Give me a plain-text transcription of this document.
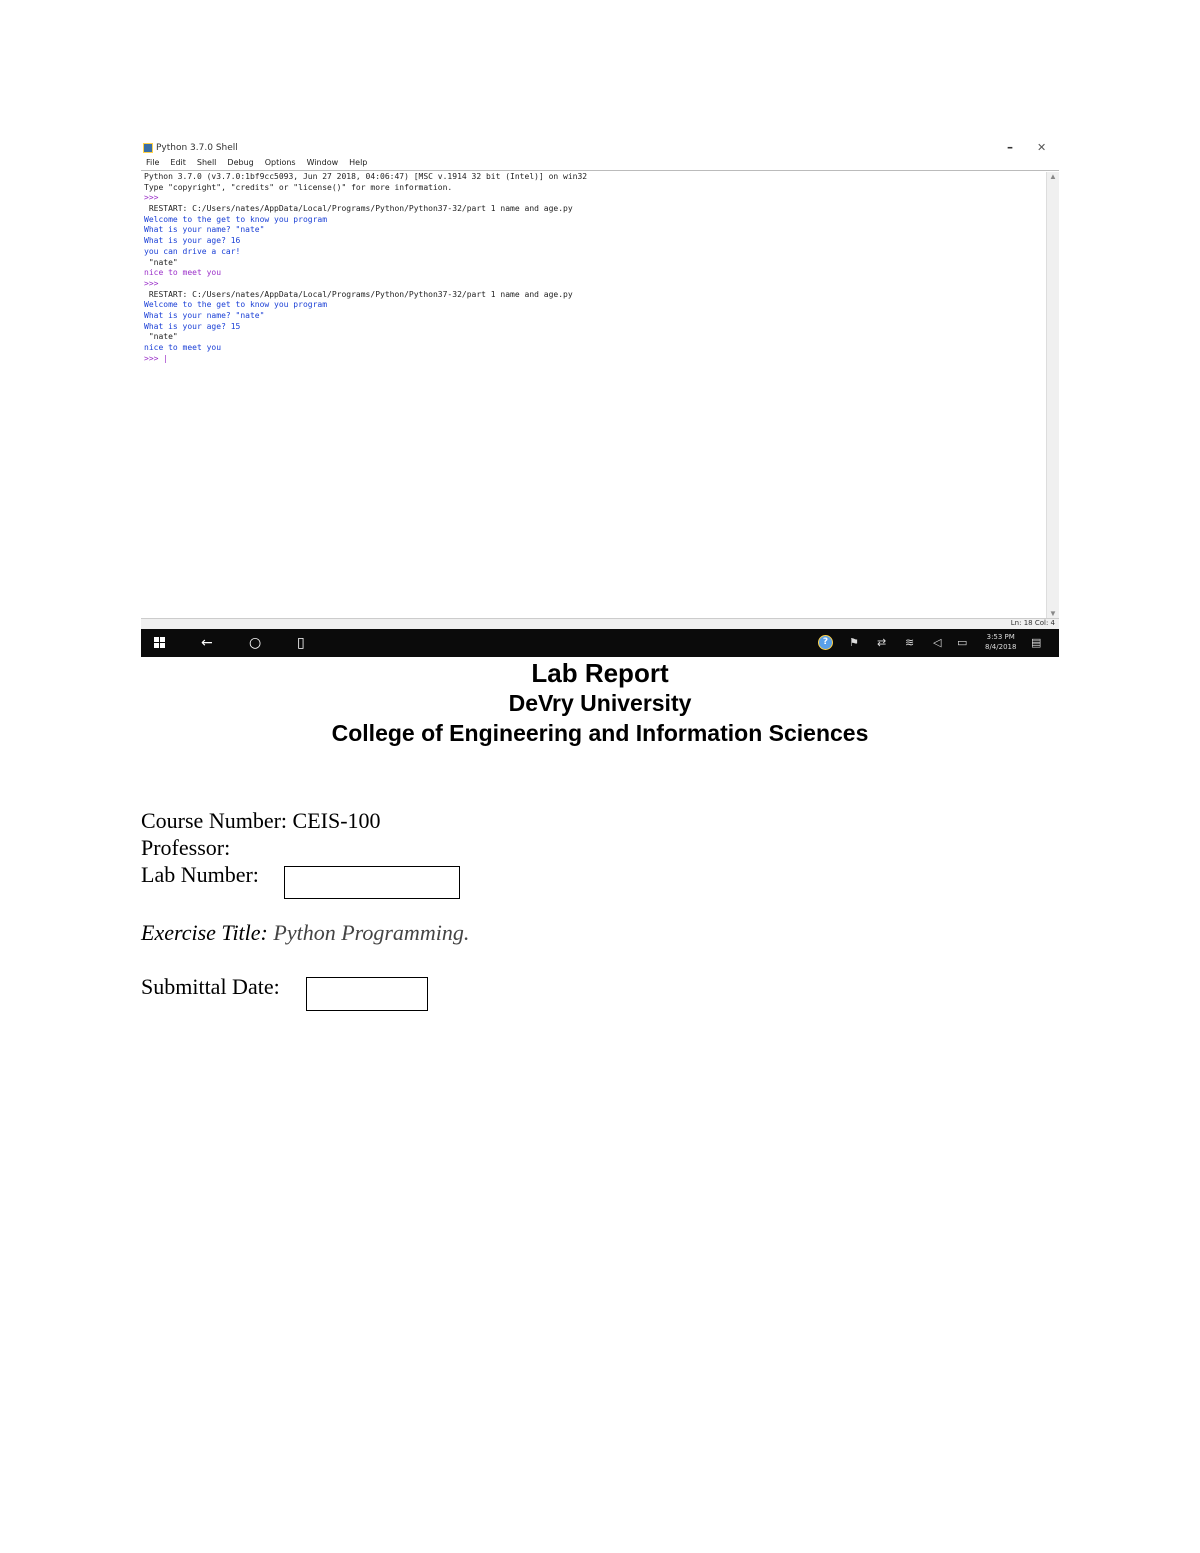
Python 3.7.0 Shell	– ✕
File Edit Shell Debug Options Window Help
Python 3.7.0 (v3.7.0:1bf9cc5093, Jun 27 2018, 04:06:47) [MSC v.1914 32 bit (Intel)] on win32
Type "copyright", "credits" or "license()" for more information.
>>>
RESTART: C:/Users/nates/AppData/Local/Programs/Python/Python37-32/part 1 name and age.py
Welcome to the get to know you program
What is your name? "nate"
What is your age? 16
you can drive a car!
"nate"
nice to meet you
>>>
RESTART: C:/Users/nates/AppData/Local/Programs/Python/Python37-32/part 1 name and age.py
Welcome to the get to know you program
What is your name? "nate"
What is your age? 15
"nate"
nice to meet you
>>> |
▲
▼
Ln: 18 Col: 4
←	○	▯	?	⚑ ⇄ ≋ ◁ ▭	3:53 PM
8/4/2018 ▤
Lab Report
DeVry University
College of Engineering and Information Sciences
Course Number: CEIS-100
Professor:
Lab Number:
Exercise Title: Python Programming.
Submittal Date:
